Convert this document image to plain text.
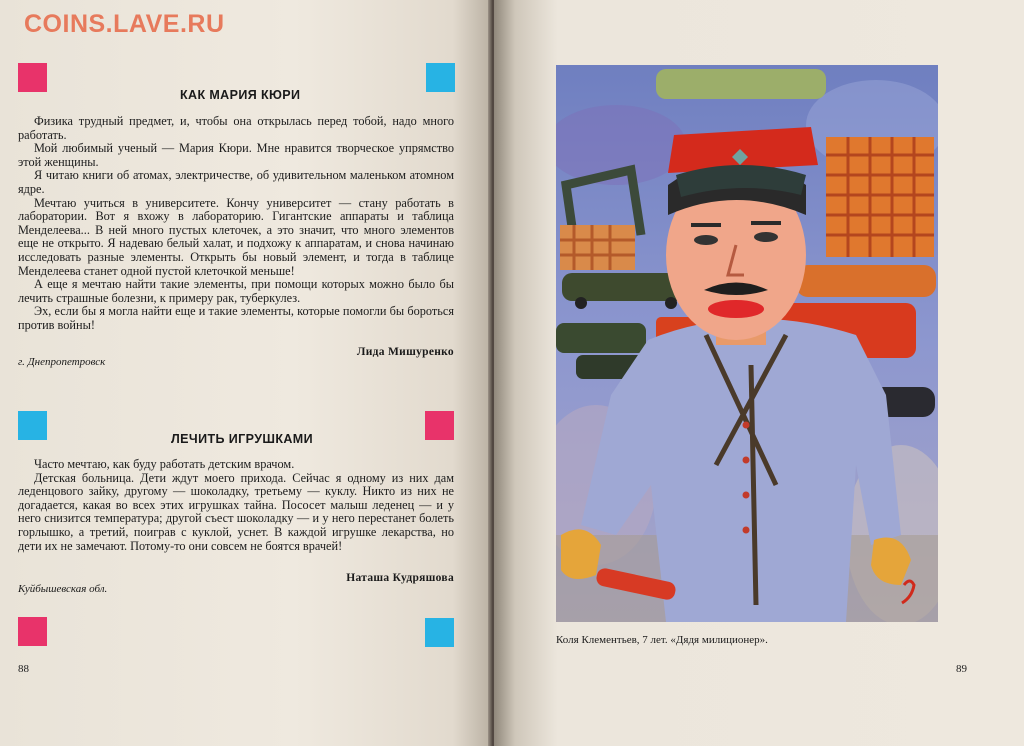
COINS.LAVE.RU
КАК МАРИЯ КЮРИ

Физика трудный предмет, и, чтобы она открылась перед тобой, надо много работать.

Мой любимый ученый — Мария Кюри. Мне нравится творческое упрямство этой женщины.

Я читаю книги об атомах, электричестве, об удивительном маленьком атомном ядре.

Мечтаю учиться в университете. Кончу университет — стану работать в лаборатории. Вот я вхожу в лабораторию. Гигантские аппараты и таблица Менделеева... В ней много пустых клеточек, а это значит, что много элементов еще не открыто. Я надеваю белый халат, и подхожу к аппаратам, и снова начинаю исследовать разные элементы. Открыть бы новый элемент, и тогда в таблице Менделеева станет одной пустой клеточкой меньше!

А еще я мечтаю найти такие элементы, при помощи которых можно было бы лечить страшные болезни, к примеру рак, туберкулез.

Эх, если бы я могла найти еще и такие элементы, которые помогли бы бороться против войны!

Лида Мишуренко
г. Днепропетровск
ЛЕЧИТЬ ИГРУШКАМИ

Часто мечтаю, как буду работать детским врачом.

Детская больница. Дети ждут моего прихода. Сейчас я одному из них дам леденцового зайку, другому — шоколадку, третьему — куклу. Никто из них не догадается, какая во всех этих игрушках тайна. Пососет малыш леденец — и у него снизится температура; другой съест шоколадку — и у него перестанет болеть горлышко, а третий, поиграв с куклой, уснет. В каждой игрушке лекарства, но дети их не замечают. Потому-то они совсем не боятся врачей!

Наташа Кудряшова
Куйбышевская обл.
88	89
Коля Клементьев, 7 лет. «Дядя милиционер».
